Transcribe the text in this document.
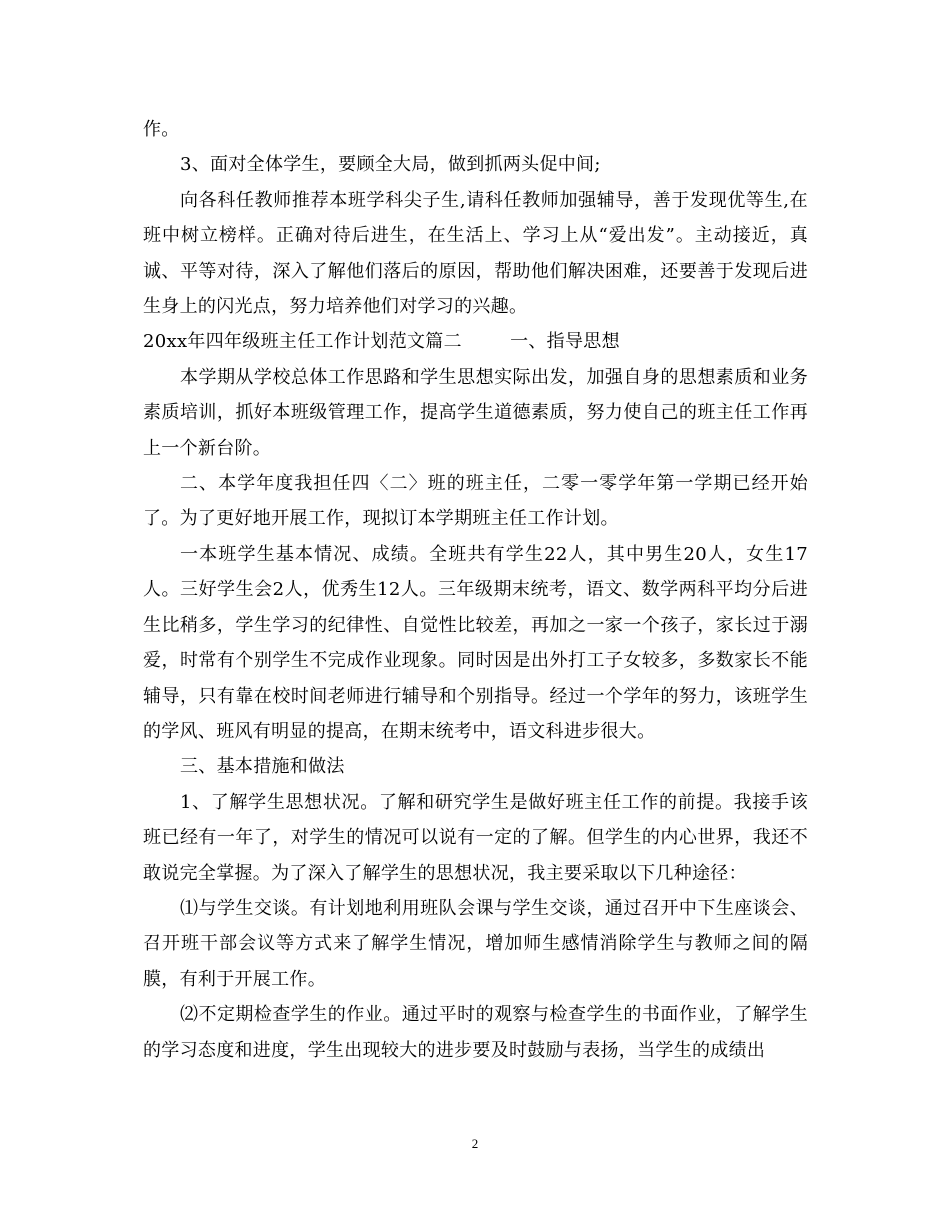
作。

3、面对全体学生，要顾全大局，做到抓两头促中间;

向各科任教师推荐本班学科尖子生,请科任教师加强辅导，善于发现优等生,在班中树立榜样。正确对待后进生，在生活上、学习上从“爱出发”。主动接近，真诚、平等对待，深入了解他们落后的原因，帮助他们解决困难，还要善于发现后进生身上的闪光点，努力培养他们对学习的兴趣。

20xx年四年级班主任工作计划范文篇二        一、指导思想

本学期从学校总体工作思路和学生思想实际出发，加强自身的思想素质和业务素质培训，抓好本班级管理工作，提高学生道德素质，努力使自己的班主任工作再上一个新台阶。

二、本学年度我担任四〈二〉班的班主任，二零一零学年第一学期已经开始了。为了更好地开展工作，现拟订本学期班主任工作计划。

一本班学生基本情况、成绩。全班共有学生22人，其中男生20人，女生17人。三好学生会2人，优秀生12人。三年级期末统考，语文、数学两科平均分后进生比稍多，学生学习的纪律性、自觉性比较差，再加之一家一个孩子，家长过于溺爱，时常有个别学生不完成作业现象。同时因是出外打工子女较多，多数家长不能辅导，只有靠在校时间老师进行辅导和个别指导。经过一个学年的努力，该班学生的学风、班风有明显的提高，在期末统考中，语文科进步很大。

三、基本措施和做法

1、了解学生思想状况。了解和研究学生是做好班主任工作的前提。我接手该班已经有一年了，对学生的情况可以说有一定的了解。但学生的内心世界，我还不敢说完全掌握。为了深入了解学生的思想状况，我主要采取以下几种途径：

⑴与学生交谈。有计划地利用班队会课与学生交谈，通过召开中下生座谈会、召开班干部会议等方式来了解学生情况，增加师生感情消除学生与教师之间的隔膜，有利于开展工作。

⑵不定期检查学生的作业。通过平时的观察与检查学生的书面作业，了解学生的学习态度和进度，学生出现较大的进步要及时鼓励与表扬，当学生的成绩出

2
